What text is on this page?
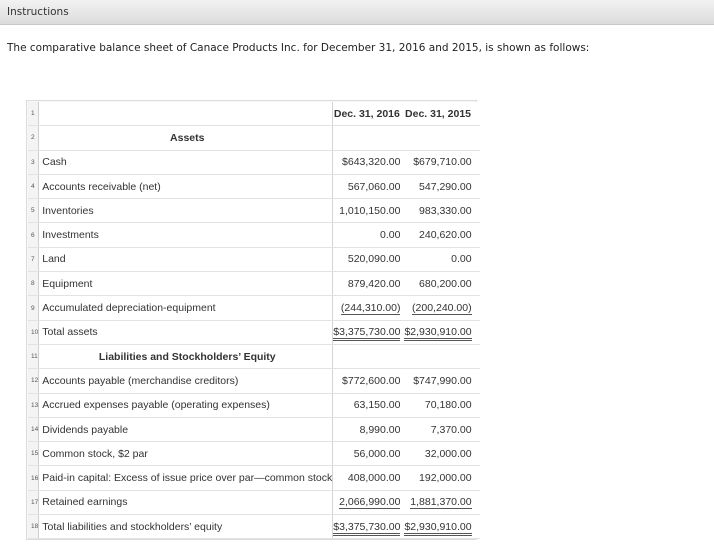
Instructions
The comparative balance sheet of Canace Products Inc. for December 31, 2016 and 2015, is shown as follows:
1		Dec. 31, 2016	Dec. 31, 2015
2	Assets		
3	Cash	$643,320.00	$679,710.00
4	Accounts receivable (net)	567,060.00	547,290.00
5	Inventories	1,010,150.00	983,330.00
6	Investments	0.00	240,620.00
7	Land	520,090.00	0.00
8	Equipment	879,420.00	680,200.00
9	Accumulated depreciation-equipment	(244,310.00)	(200,240.00)
10	Total assets	$3,375,730.00	$2,930,910.00
11	Liabilities and Stockholders’ Equity		
12	Accounts payable (merchandise creditors)	$772,600.00	$747,990.00
13	Accrued expenses payable (operating expenses)	63,150.00	70,180.00
14	Dividends payable	8,990.00	7,370.00
15	Common stock, $2 par	56,000.00	32,000.00
16	Paid-in capital: Excess of issue price over par—common stock	408,000.00	192,000.00
17	Retained earnings	2,066,990.00	1,881,370.00
18	Total liabilities and stockholders’ equity	$3,375,730.00	$2,930,910.00
